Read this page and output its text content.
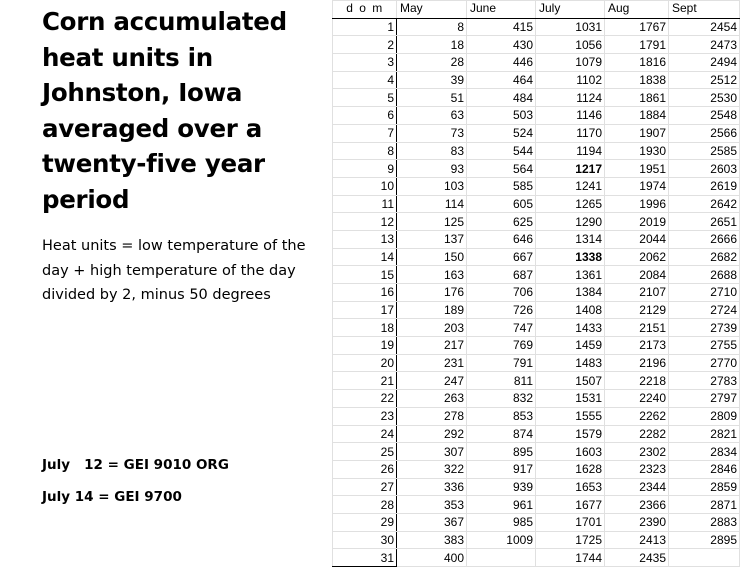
Corn accumulated heat units in Johnston, Iowa averaged over a twenty-five year period
Heat units = low temperature of the day + high temperature of the day divided by 2, minus 50 degrees
July   12 = GEI 9010 ORG
July 14 = GEI 9700
d o m	May	June	July	Aug	Sept
1	8	415	1031	1767	2454
2	18	430	1056	1791	2473
3	28	446	1079	1816	2494
4	39	464	1102	1838	2512
5	51	484	1124	1861	2530
6	63	503	1146	1884	2548
7	73	524	1170	1907	2566
8	83	544	1194	1930	2585
9	93	564	1217	1951	2603
10	103	585	1241	1974	2619
11	114	605	1265	1996	2642
12	125	625	1290	2019	2651
13	137	646	1314	2044	2666
14	150	667	1338	2062	2682
15	163	687	1361	2084	2688
16	176	706	1384	2107	2710
17	189	726	1408	2129	2724
18	203	747	1433	2151	2739
19	217	769	1459	2173	2755
20	231	791	1483	2196	2770
21	247	811	1507	2218	2783
22	263	832	1531	2240	2797
23	278	853	1555	2262	2809
24	292	874	1579	2282	2821
25	307	895	1603	2302	2834
26	322	917	1628	2323	2846
27	336	939	1653	2344	2859
28	353	961	1677	2366	2871
29	367	985	1701	2390	2883
30	383	1009	1725	2413	2895
31	400		1744	2435	
